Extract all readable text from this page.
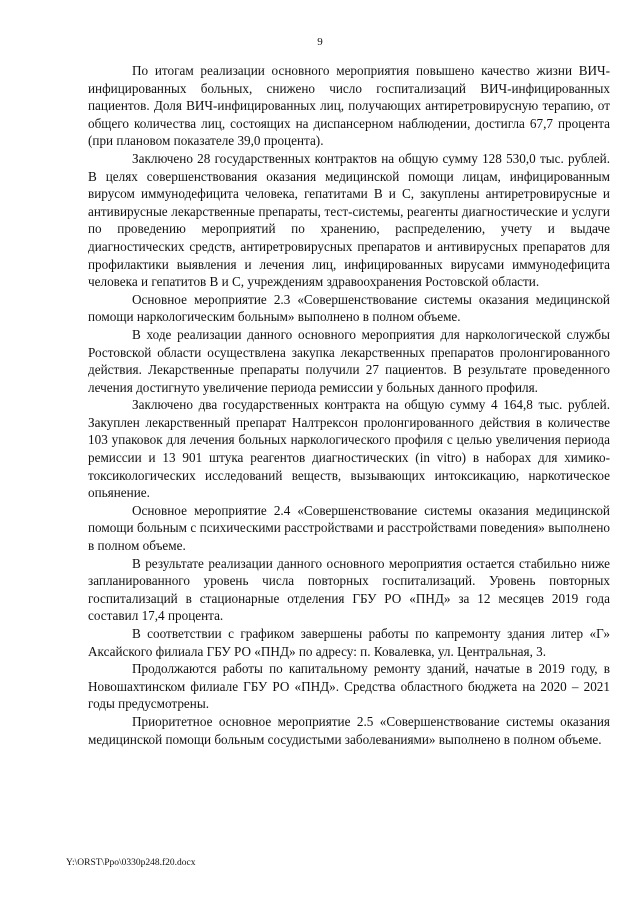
9

По итогам реализации основного мероприятия повышено качество жизни ВИЧ-инфицированных больных, снижено число госпитализаций ВИЧ-инфицированных пациентов. Доля ВИЧ-инфицированных лиц, получающих антиретровирусную терапию, от общего количества лиц, состоящих на диспансерном наблюдении, достигла 67,7 процента (при плановом показателе 39,0 процента).

Заключено 28 государственных контрактов на общую сумму 128 530,0 тыс. рублей. В целях совершенствования оказания медицинской помощи лицам, инфицированным вирусом иммунодефицита человека, гепатитами В и С, закуплены антиретровирусные и антивирусные лекарственные препараты, тест-системы, реагенты диагностические и услуги по проведению мероприятий по хранению, распределению, учету и выдаче диагностических средств, антиретровирусных препаратов и антивирусных препаратов для профилактики выявления и лечения лиц, инфицированных вирусами иммунодефицита человека и гепатитов В и С, учреждениям здравоохранения Ростовской области.

Основное мероприятие 2.3 «Совершенствование системы оказания медицинской помощи наркологическим больным» выполнено в полном объеме.

В ходе реализации данного основного мероприятия для наркологической службы Ростовской области осуществлена закупка лекарственных препаратов пролонгированного действия. Лекарственные препараты получили 27 пациентов. В результате проведенного лечения достигнуто увеличение периода ремиссии у больных данного профиля.

Заключено два государственных контракта на общую сумму 4 164,8 тыс. рублей. Закуплен лекарственный препарат Налтрексон пролонгированного действия в количестве 103 упаковок для лечения больных наркологического профиля с целью увеличения периода ремиссии и 13 901 штука реагентов диагностических (in vitro) в наборах для химико-токсикологических исследований веществ, вызывающих интоксикацию, наркотическое опьянение.

Основное мероприятие 2.4 «Совершенствование системы оказания медицинской помощи больным с психическими расстройствами и расстройствами поведения» выполнено в полном объеме.

В результате реализации данного основного мероприятия остается стабильно ниже запланированного уровень числа повторных госпитализаций. Уровень повторных госпитализаций в стационарные отделения ГБУ РО «ПНД» за 12 месяцев 2019 года составил 17,4 процента.

В соответствии с графиком завершены работы по капремонту здания литер «Г» Аксайского филиала ГБУ РО «ПНД» по адресу: п. Ковалевка, ул. Центральная, 3.

Продолжаются работы по капитальному ремонту зданий, начатые в 2019 году, в Новошахтинском филиале ГБУ РО «ПНД». Средства областного бюджета на 2020 – 2021 годы предусмотрены.

Приоритетное основное мероприятие 2.5 «Совершенствование системы оказания медицинской помощи больным сосудистыми заболеваниями» выполнено в полном объеме.

Y:\ORST\Ppo\0330p248.f20.docx
